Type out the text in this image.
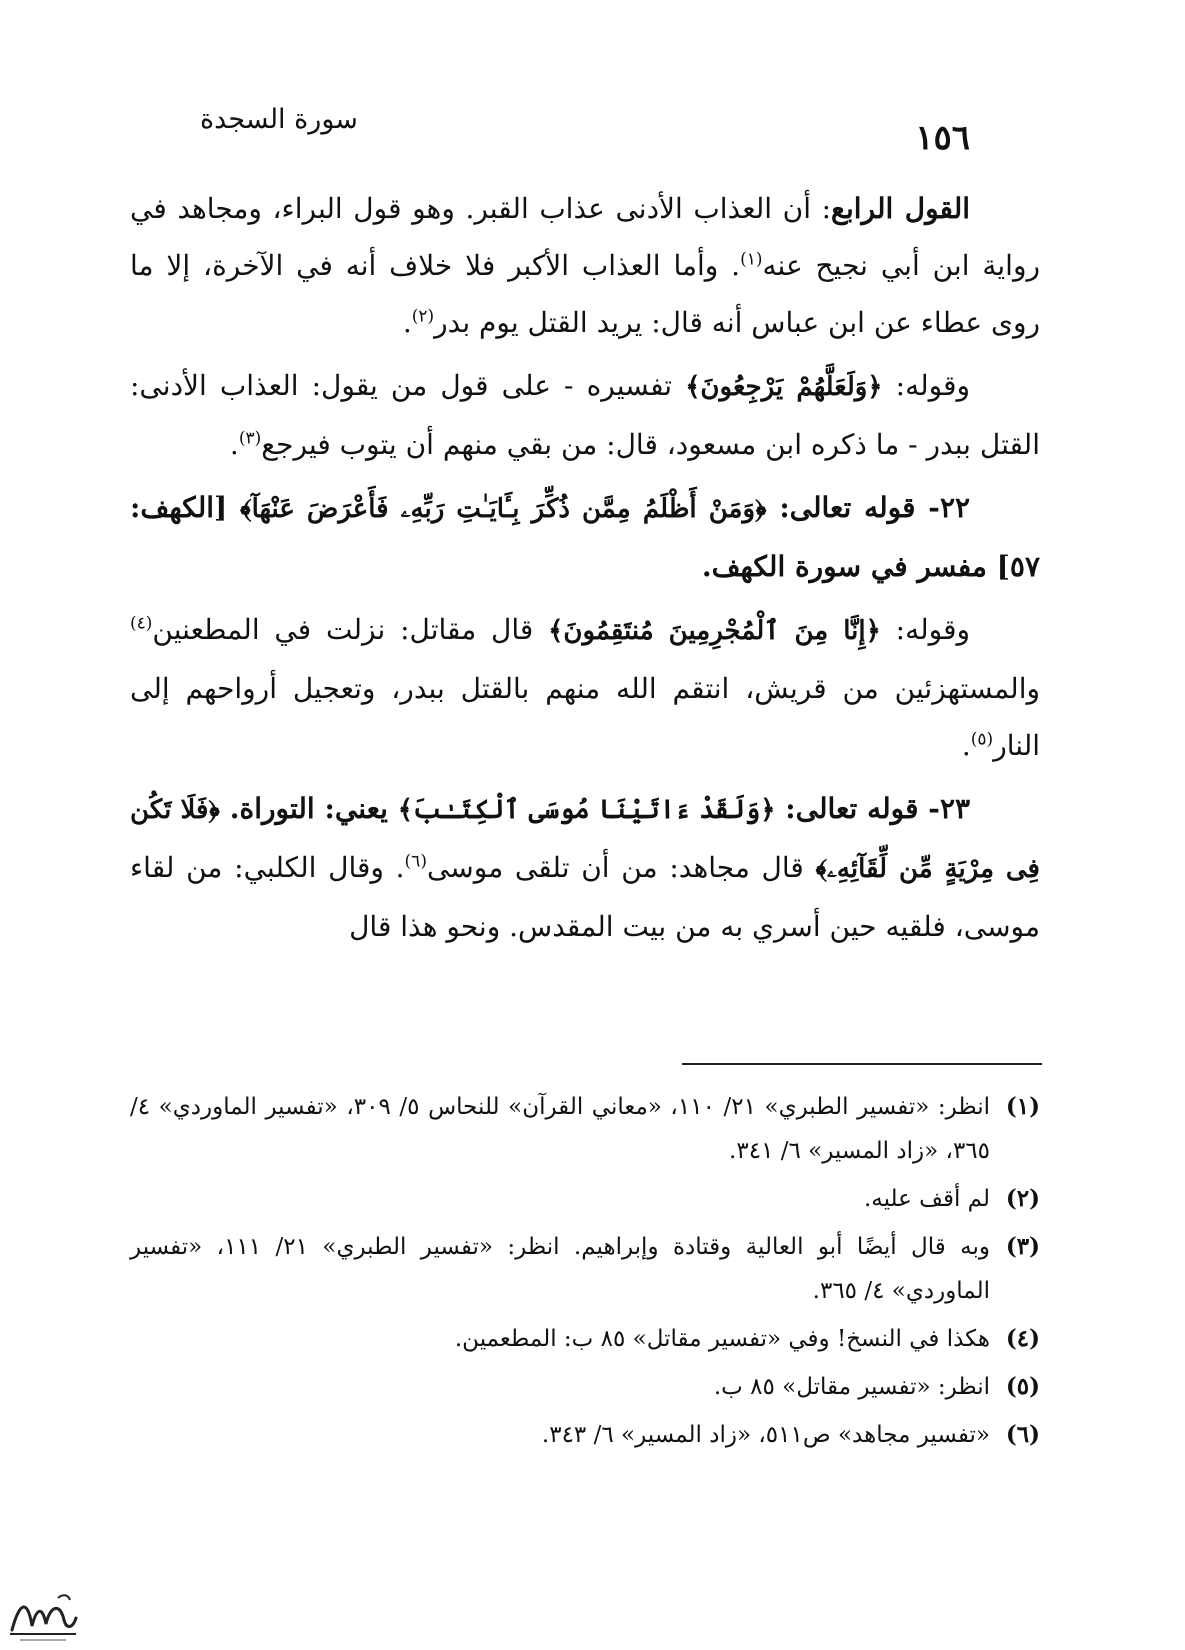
١٥٦
سورة السجدة

القول الرابع: أن العذاب الأدنى عذاب القبر. وهو قول البراء، ومجاهد في رواية ابن أبي نجيح عنه$^{(١)}$. وأما العذاب الأكبر فلا خلاف أنه في الآخرة، إلا ما روى عطاء عن ابن عباس أنه قال: يريد القتل يوم بدر$^{(٢)}$.

وقوله: ﴿وَلَعَلَّهُمْ يَرْجِعُونَ﴾ تفسيره - على قول من يقول: العذاب الأدنى: القتل ببدر - ما ذكره ابن مسعود، قال: من بقي منهم أن يتوب فيرجع$^{(٣)}$.

٢٢- قوله تعالى: ﴿وَمَنْ أَظْلَمُ مِمَّن ذُكِّرَ بِـَٔايَـٰتِ رَبِّهِۦ فَأَعْرَضَ عَنْهَآ﴾ [الكهف: ٥٧] مفسر في سورة الكهف.

وقوله: ﴿إِنَّا مِنَ ٱلْمُجْرِمِينَ مُنتَقِمُونَ﴾ قال مقاتل: نزلت في المطعنين$^{(٤)}$ والمستهزئين من قريش، انتقم الله منهم بالقتل ببدر، وتعجيل أرواحهم إلى النار$^{(٥)}$.

٢٣- قوله تعالى: ﴿وَلَقَدْ ءَاتَيْنَا مُوسَى ٱلْكِتَـٰبَ﴾ يعني: التوراة. ﴿فَلَا تَكُن فِى مِرْيَةٍ مِّن لِّقَآئِهِۦ﴾ قال مجاهد: من أن تلقى موسى$^{(٦)}$. وقال الكلبي: من لقاء موسى، فلقيه حين أسري به من بيت المقدس. ونحو هذا قال

(١)
انظر: «تفسير الطبري» ٢١/ ١١٠، «معاني القرآن» للنحاس ٥/ ٣٠٩، «تفسير الماوردي» ٤/ ٣٦٥، «زاد المسير» ٦/ ٣٤١.
(٢)
لم أقف عليه.
(٣)
وبه قال أيضًا أبو العالية وقتادة وإبراهيم. انظر: «تفسير الطبري» ٢١/ ١١١، «تفسير الماوردي» ٤/ ٣٦٥.
(٤)
هكذا في النسخ! وفي «تفسير مقاتل» ٨٥ ب: المطعمين.
(٥)
انظر: «تفسير مقاتل» ٨٥ ب.
(٦)
«تفسير مجاهد» ص٥١١، «زاد المسير» ٦/ ٣٤٣.
